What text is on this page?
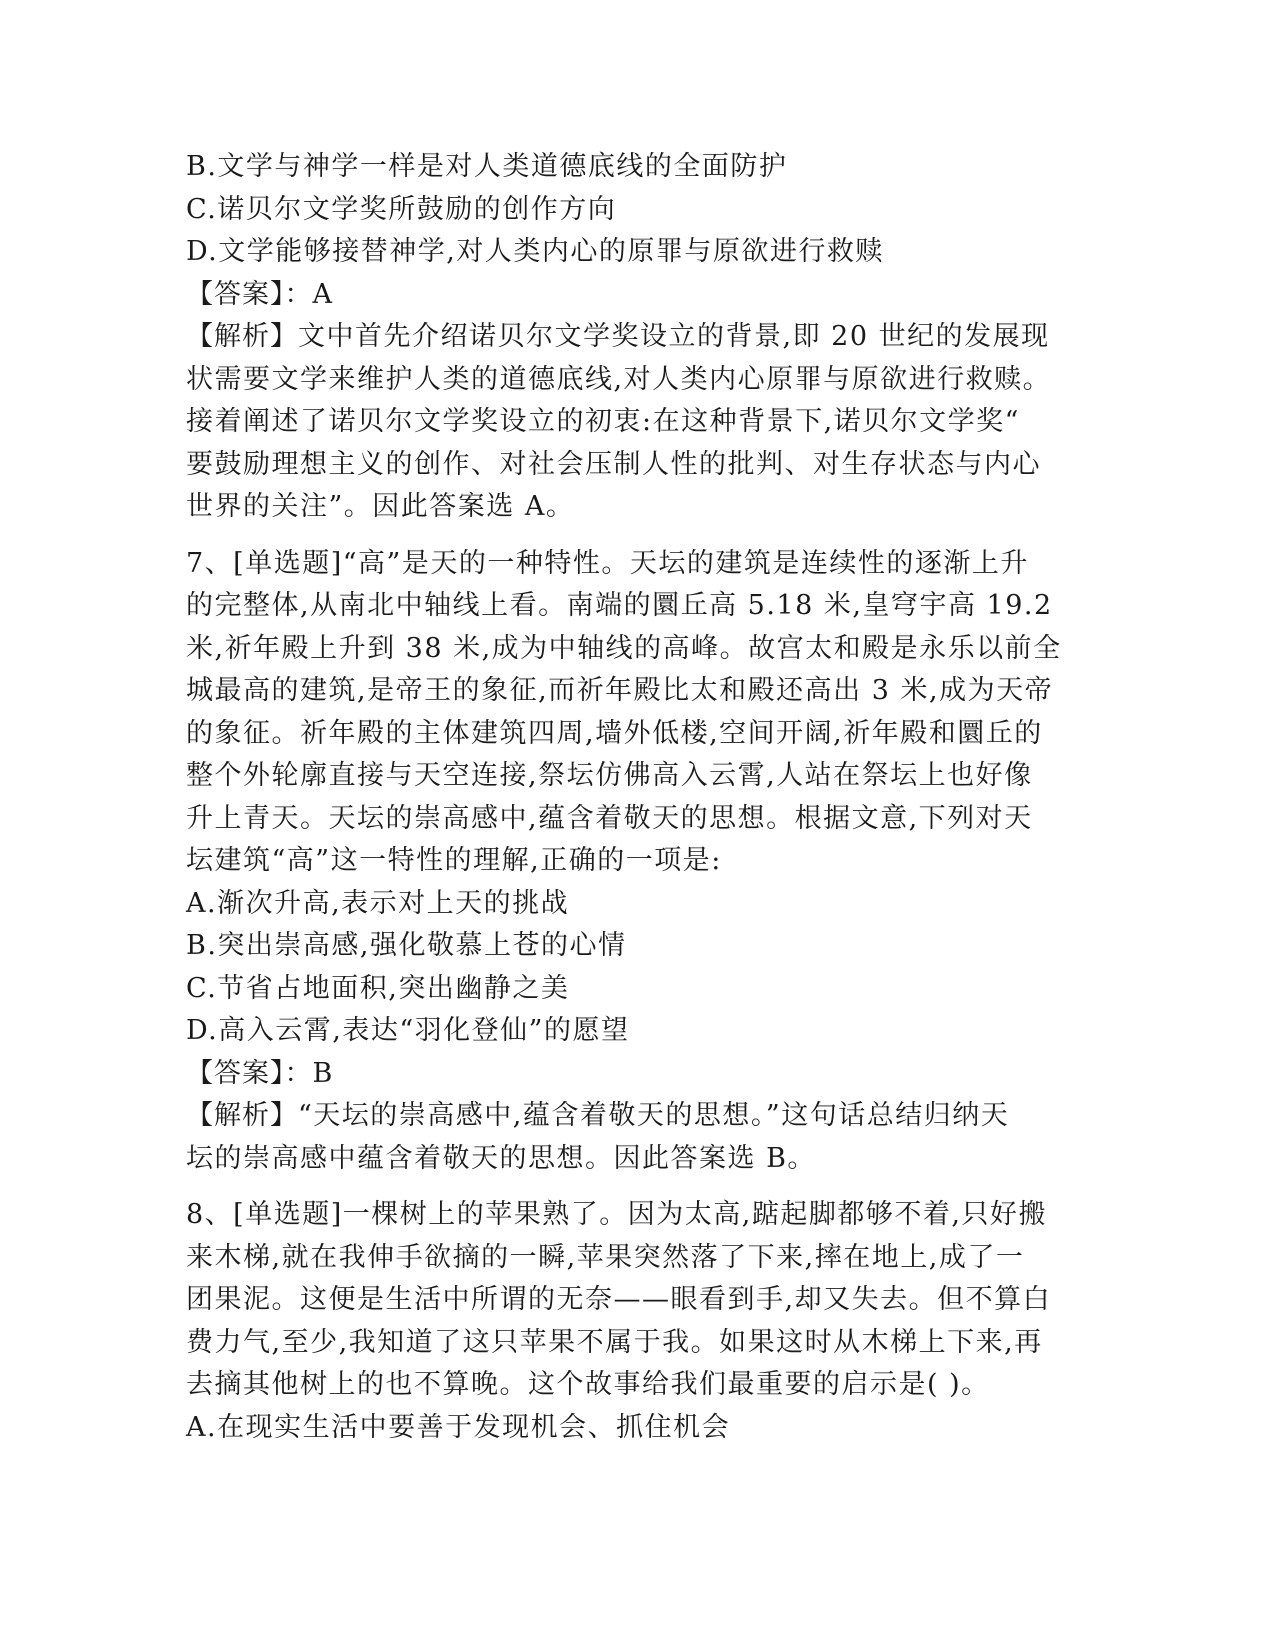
B.文学与神学一样是对人类道德底线的全面防护

C.诺贝尔文学奖所鼓励的创作方向

D.文学能够接替神学,对人类内心的原罪与原欲进行救赎

【答案】：A

【解析】文中首先介绍诺贝尔文学奖设立的背景,即 20 世纪的发展现

状需要文学来维护人类的道德底线,对人类内心原罪与原欲进行救赎。

接着阐述了诺贝尔文学奖设立的初衷:在这种背景下,诺贝尔文学奖“

要鼓励理想主义的创作、对社会压制人性的批判、对生存状态与内心

世界的关注”。因此答案选 A。

7、[单选题]“高”是天的一种特性。天坛的建筑是连续性的逐渐上升

的完整体,从南北中轴线上看。南端的圜丘高 5.18 米,皇穹宇高 19.2

米,祈年殿上升到 38 米,成为中轴线的高峰。故宫太和殿是永乐以前全

城最高的建筑,是帝王的象征,而祈年殿比太和殿还高出 3 米,成为天帝

的象征。祈年殿的主体建筑四周,墙外低楼,空间开阔,祈年殿和圜丘的

整个外轮廓直接与天空连接,祭坛仿佛高入云霄,人站在祭坛上也好像

升上青天。天坛的崇高感中,蕴含着敬天的思想。根据文意,下列对天

坛建筑“高”这一特性的理解,正确的一项是:

A.渐次升高,表示对上天的挑战

B.突出崇高感,强化敬慕上苍的心情

C.节省占地面积,突出幽静之美

D.高入云霄,表达“羽化登仙”的愿望

【答案】：B

【解析】“天坛的崇高感中,蕴含着敬天的思想。”这句话总结归纳天

坛的崇高感中蕴含着敬天的思想。因此答案选 B。

8、[单选题]一棵树上的苹果熟了。因为太高,踮起脚都够不着,只好搬

来木梯,就在我伸手欲摘的一瞬,苹果突然落了下来,摔在地上,成了一

团果泥。这便是生活中所谓的无奈——眼看到手,却又失去。但不算白

费力气,至少,我知道了这只苹果不属于我。如果这时从木梯上下来,再

去摘其他树上的也不算晚。这个故事给我们最重要的启示是( )。

A.在现实生活中要善于发现机会、抓住机会
